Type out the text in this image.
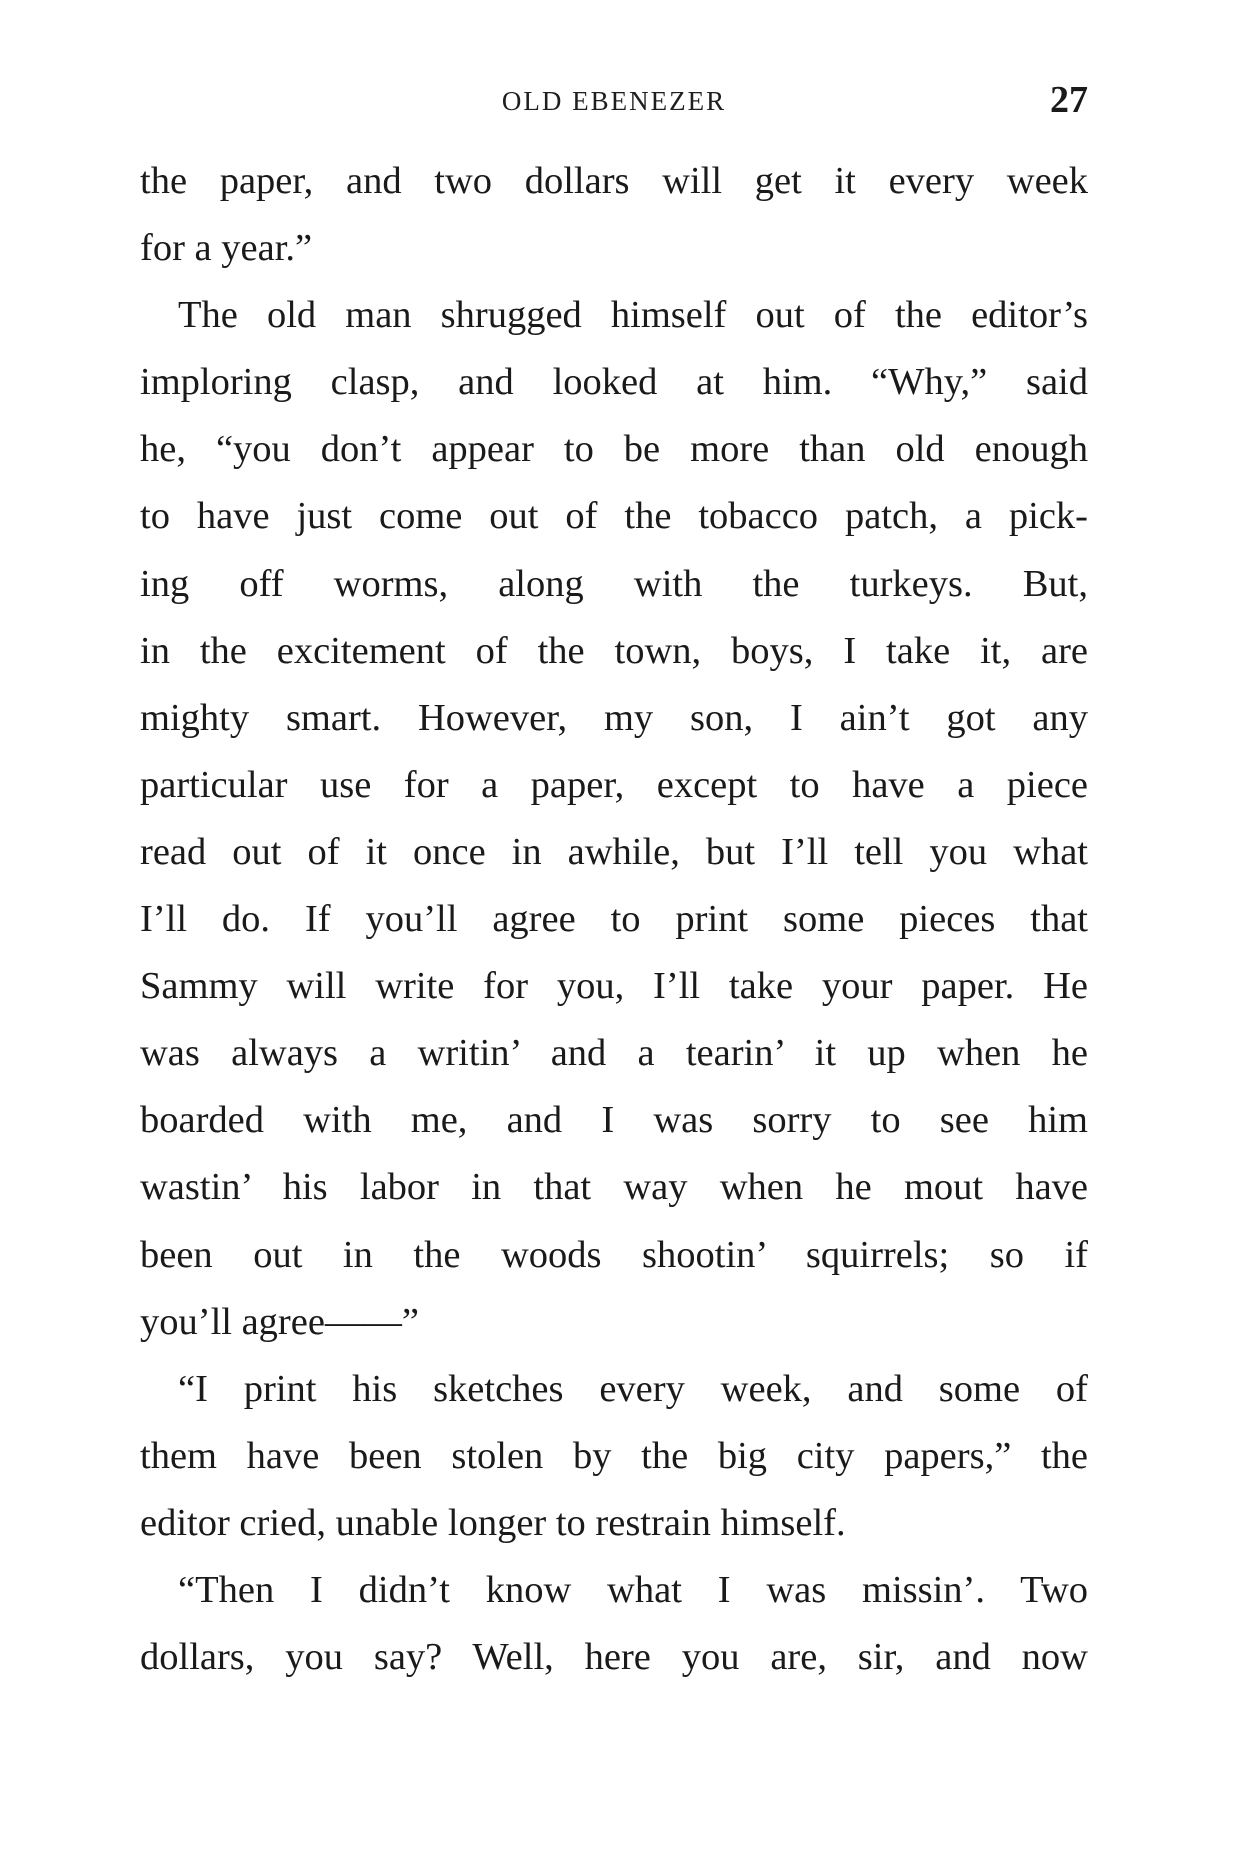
OLD EBENEZER	27
the paper, and two dollars will get it every week
for a year.”
The old man shrugged himself out of the editor’s
imploring clasp, and looked at him. “Why,” said
he, “you don’t appear to be more than old enough
to have just come out of the tobacco patch, a pick-
ing off worms, along with the turkeys. But,
in the excitement of the town, boys, I take it, are
mighty smart. However, my son, I ain’t got any
particular use for a paper, except to have a piece
read out of it once in awhile, but I’ll tell you what
I’ll do. If you’ll agree to print some pieces that
Sammy will write for you, I’ll take your paper. He
was always a writin’ and a tearin’ it up when he
boarded with me, and I was sorry to see him
wastin’ his labor in that way when he mout have
been out in the woods shootin’ squirrels; so if
you’ll agree——”
“I print his sketches every week, and some of
them have been stolen by the big city papers,” the
editor cried, unable longer to restrain himself.
“Then I didn’t know what I was missin’. Two
dollars, you say? Well, here you are, sir, and now
